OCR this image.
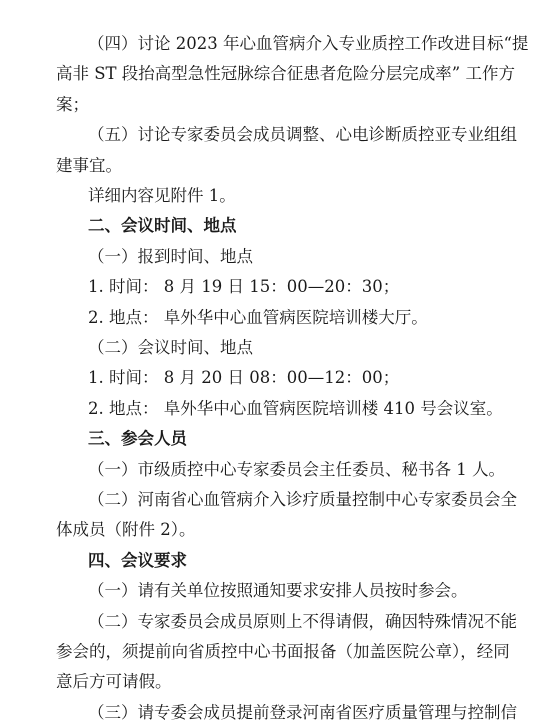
（四）讨论 2023 年心血管病介入专业质控工作改进目标“提
高非 ST 段抬高型急性冠脉综合征患者危险分层完成率” 工作方
案；
（五）讨论专家委员会成员调整、心电诊断质控亚专业组组
建事宜。
详细内容见附件 1。
二、会议时间、地点
（一）报到时间、地点
1. 时间： 8 月 19 日 15：00—20：30；
2. 地点： 阜外华中心血管病医院培训楼大厅。
（二）会议时间、地点
1. 时间： 8 月 20 日 08：00—12：00；
2. 地点： 阜外华中心血管病医院培训楼 410 号会议室。
三、参会人员
（一）市级质控中心专家委员会主任委员、秘书各 1 人。
（二）河南省心血管病介入诊疗质量控制中心专家委员会全
体成员（附件 2）。
四、会议要求
（一）请有关单位按照通知要求安排人员按时参会。
（二）专家委员会成员原则上不得请假，确因特殊情况不能
参会的，须提前向省质控中心书面报备（加盖医院公章），经同
意后方可请假。
（三）请专委会成员提前登录河南省医疗质量管理与控制信
